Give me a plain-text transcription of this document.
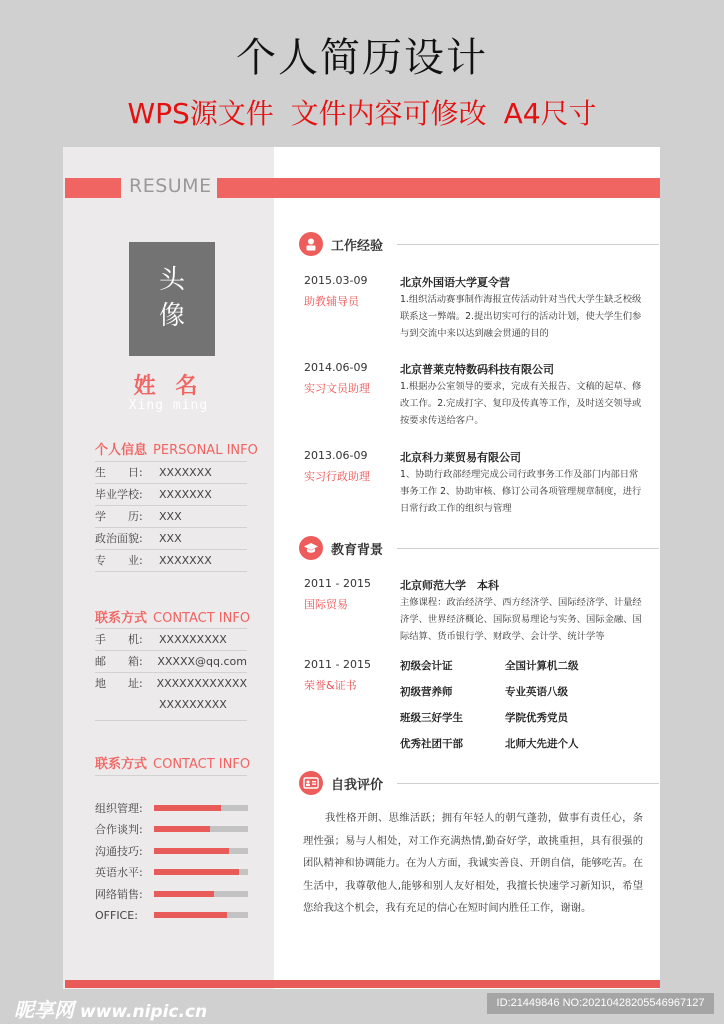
个人简历设计
WPS源文件 文件内容可修改 A4尺寸
头
像
姓 名
Xing ming
个人信息 PERSONAL INFO
生　　日:	XXXXXXX
毕业学校:	XXXXXXX
学　　历:	XXX
政治面貌:	XXX
专　　业:	XXXXXXX
联系方式 CONTACT INFO
手　　机:	XXXXXXXXX
邮　　箱:	XXXXX@qq.com
地　　址:	XXXXXXXXXXXX
XXXXXXXXX
联系方式 CONTACT INFO
组织管理:
合作谈判:
沟通技巧:
英语水平:
网络销售:
OFFICE:
RESUME
工作经验
2015.03-09
助教辅导员
北京外国语大学夏令营
1.组织活动赛事制作海报宣传活动针对当代大学生缺乏校级联系这一弊端。2.提出切实可行的活动计划，使大学生们参与到交流中来以达到融会贯通的目的
2014.06-09
实习文员助理
北京普莱克特数码科技有限公司
1.根据办公室领导的要求，完成有关报告、文稿的起草、修改工作。2.完成打字、复印及传真等工作，及时送交领导或按要求传送给客户。
2013.06-09
实习行政助理
北京科力莱贸易有限公司
1、协助行政部经理完成公司行政事务工作及部门内部日常事务工作 2、协助审核、修订公司各项管理规章制度，进行日常行政工作的组织与管理
教育背景
2011 - 2015
国际贸易
北京师范大学　本科
主修课程：政治经济学、西方经济学、国际经济学、计量经济学、世界经济概论、国际贸易理论与实务、国际金融、国际结算、货币银行学、财政学、会计学、统计学等
2011 - 2015
荣誉&证书
初级会计证	全国计算机二级
初级营养师	专业英语八级
班级三好学生	学院优秀党员
优秀社团干部	北师大先进个人
自我评价
我性格开朗、思维活跃；拥有年轻人的朝气蓬勃，做事有责任心，条理性强；易与人相处，对工作充满热情,勤奋好学，敢挑重担，具有很强的团队精神和协调能力。在为人方面，我诚实善良、开朗自信，能够吃苦。在生活中，我尊敬他人,能够和别人友好相处，我擅长快速学习新知识，希望您给我这个机会，我有充足的信心在短时间内胜任工作，谢谢。
昵享网 www.nipic.cn	ID:21449846 NO:20210428205546967127
